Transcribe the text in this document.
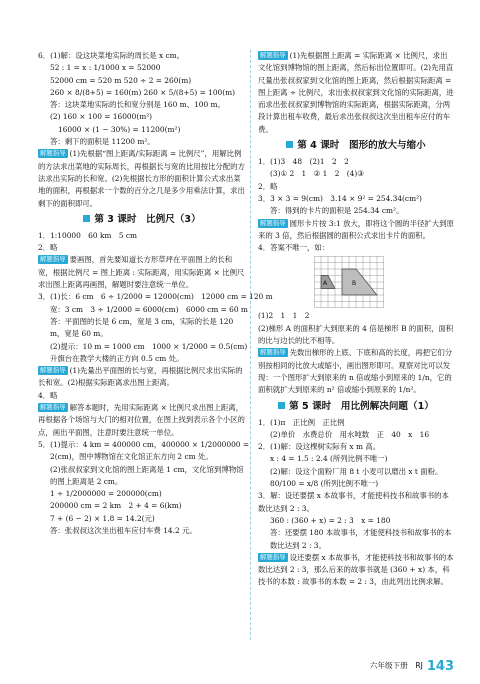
6．(1)解：设这块菜地实际的周长是 x cm。
52 : 1 = x : 1/1000 x = 52000
52000 cm = 520 m 520 ÷ 2 = 260(m)
260 × 8/(8+5) = 160(m) 260 × 5/(8+5) = 100(m)
答：这块菜地实际的长和宽分别是 160 m、100 m。
(2) 160 × 100 = 16000(m²)
16000 × (1 − 30%) = 11200(m²)
答：剩下的面积是 11200 m²。
解题指导 (1)先根据“图上距离/实际距离 = 比例尺”，用解比例的方法求出菜地的实际周长，再根据长与宽的比用按比分配的方法求出实际的长和宽。(2)先根据长方形的面积计算公式求出菜地的面积，再根据求一个数的百分之几是多少用乘法计算，求出剩下的面积即可。
第 3 课时　比例尺（3）
1．1:10000　60 km　5 cm
2．略
解题指导 要画图，首先要知道长方形草坪在平面图上的长和宽，根据比例尺 = 图上距离 : 实际距离，用实际距离 × 比例尺求出图上距离再画图，解题时要注意统一单位。
3．(1)长：6 cm　6 ÷ 1/2000 = 12000(cm)　12000 cm = 120 m
宽：3 cm　3 ÷ 1/2000 = 6000(cm)　6000 cm = 60 m
答：平面图的长是 6 cm，宽是 3 cm，实际的长是 120 m，宽是 60 m。
(2)提示：10 m = 1000 cm　1000 × 1/2000 = 0.5(cm)
升旗台在教学大楼的正方向 0.5 cm 处。
解题指导 (1)先量出平面图的长与宽，再根据比例尺求出实际的长和宽。(2)根据实际距离求出图上距离。
4．略
解题指导 解答本题时，先用实际距离 × 比例尺求出图上距离，再根据各个场馆与大门的相对位置，在图上找到表示各个小区的点，画出平面图，注意时要注意统一单位。
5．(1)提示：4 km = 400000 cm，400000 × 1/2000000 =
2(cm)，图中博物馆在文化馆正东方向 2 cm 处。
(2)张叔叔家到文化馆的图上距离是 1 cm，文化馆到博物馆的图上距离是 2 cm。
1 ÷ 1/2000000 = 200000(cm)
200000 cm = 2 km　2 + 4 = 6(km)
7 + (6 − 2) × 1.8 = 14.2(元)
答：张叔叔这次坐出租车应付车费 14.2 元。
解题指导 (1)先根据图上距离 = 实际距离 × 比例尺，求出文化馆到博物馆的图上距离，然后标出位置即可。(2)先用直尺量出张叔叔家到文化馆的图上距离，然后根据实际距离 = 图上距离 ÷ 比例尺，求出张叔叔家到文化馆的实际距离，进而求出张叔叔家到博物馆的实际距离，根据实际距离，分两段计算出租车收费，最后求出张叔叔这次坐出租车应付的车费。
第 4 课时　图形的放大与缩小
1．(1)3　48　(2)1　2　2
(3)① 2　1　② 1　2　(4)③
2．略
3．3 × 3 = 9(cm)　3.14 × 9² = 254.34(cm²)
答：得到的卡片的面积是 254.34 cm²。
解题指导 圆形卡片按 3:1 放大，即将这个圆的半径扩大到原来的 3 倍，然后根据圆的面积公式求出卡片的面积。
4．答案不唯一，如：
A	B
(1)2　1　1　2
(2)梯形 A 的面积扩大到原来的 4 倍是梯形 B 的面积，面积的比与边长的比不相等。
解题指导 先数出梯形的上底、下底和高的长度，再把它们分别按相同的比放大或缩小，画出图形即可。观察对比可以发现：一个图形扩大到原来的 n 倍或缩小到原来的 1/n，它的面积就扩大到原来的 n² 倍或缩小到原来的 1/n²。
第 5 课时　用比例解决问题（1）
1．(1)π　正比例　正比例
(2)单价　水费总价　用水吨数　正　40　x　16
2．(1)解：设这棵树实际有 x m 高。
x : 4 = 1.5 : 2.4 (所列比例不唯一)
(2)解：设这个面粉厂用 8 t 小麦可以磨出 x t 面粉。
80/100 = x/8 (所列比例不唯一)
3．解：设还要摆 x 本故事书，才能使科技书和故事书的本数比达到 2 : 3。
360 : (360 + x) = 2 : 3　x = 180
答：还要摆 180 本故事书，才能使科技书和故事书的本数比达到 2 : 3。
解题指导 设还要摆 x 本故事书，才能使科技书和故事书的本数比达到 2 : 3，那么后来的故事书就是 (360 + x) 本，科技书的本数 : 故事书的本数 = 2 : 3，由此列出比例求解。
六年级下册　RJ 143
